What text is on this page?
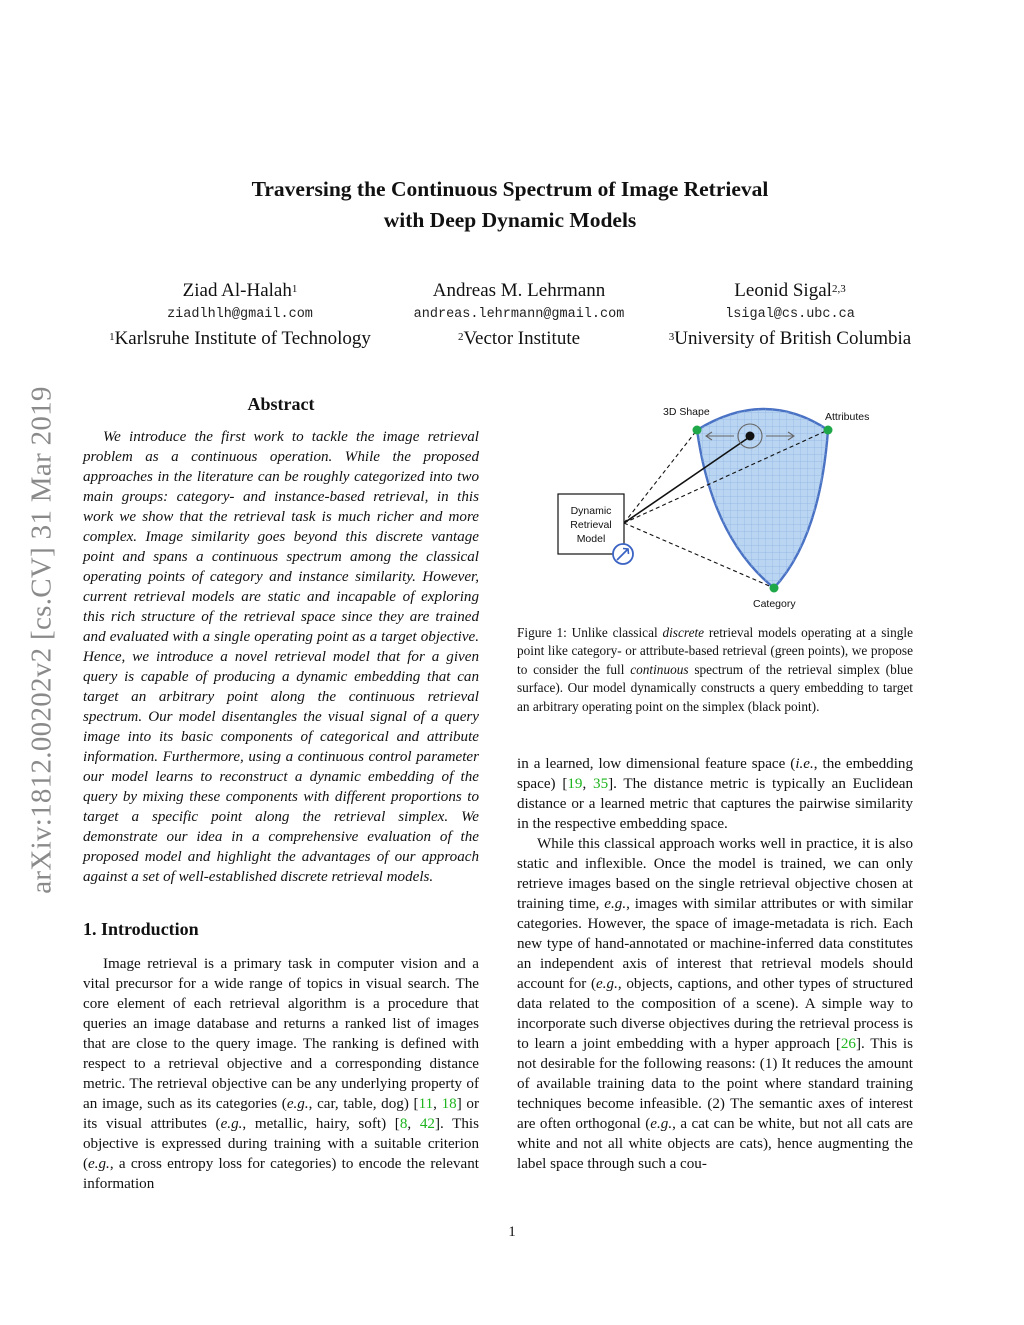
arXiv:1812.00202v2 [cs.CV] 31 Mar 2019
Traversing the Continuous Spectrum of Image Retrieval
with Deep Dynamic Models
Ziad Al-Halah$^1$
ziadlhlh@gmail.com
$^1$Karlsruhe Institute of Technology
Andreas M. Lehrmann
andreas.lehrmann@gmail.com
$^2$Vector Institute
Leonid Sigal$^{2,3}$
lsigal@cs.ubc.ca
$^3$University of British Columbia
Abstract
We introduce the first work to tackle the image retrieval problem as a continuous operation. While the proposed approaches in the literature can be roughly categorized into two main groups: category- and instance-based retrieval, in this work we show that the retrieval task is much richer and more complex. Image similarity goes beyond this discrete vantage point and spans a continuous spectrum among the classical operating points of category and instance similarity. However, current retrieval models are static and incapable of exploring this rich structure of the retrieval space since they are trained and evaluated with a single operating point as a target objective. Hence, we introduce a novel retrieval model that for a given query is capable of producing a dynamic embedding that can target an arbitrary point along the continuous retrieval spectrum. Our model disentangles the visual signal of a query image into its basic components of categorical and attribute information. Furthermore, using a continuous control parameter our model learns to reconstruct a dynamic embedding of the query by mixing these components with different proportions to target a specific point along the retrieval simplex. We demonstrate our idea in a comprehensive evaluation of the proposed model and highlight the advantages of our approach against a set of well-established discrete retrieval models.
1. Introduction
Image retrieval is a primary task in computer vision and a vital precursor for a wide range of topics in visual search. The core element of each retrieval algorithm is a procedure that queries an image database and returns a ranked list of images that are close to the query image. The ranking is defined with respect to a retrieval objective and a corresponding distance metric. The retrieval objective can be any underlying property of an image, such as its categories (e.g., car, table, dog) [11, 18] or its visual attributes (e.g., metallic, hairy, soft) [8, 42]. This objective is expressed during training with a suitable criterion (e.g., a cross entropy loss for categories) to encode the relevant information
Dynamic
Retrieval
Model
3D Shape	Attributes
Category
Figure 1: Unlike classical discrete retrieval models operating at a single point like category- or attribute-based retrieval (green points), we propose to consider the full continuous spectrum of the retrieval simplex (blue surface). Our model dynamically constructs a query embedding to target an arbitrary operating point on the simplex (black point).
in a learned, low dimensional feature space (i.e., the embedding space) [19, 35]. The distance metric is typically an Euclidean distance or a learned metric that captures the pairwise similarity in the respective embedding space.
While this classical approach works well in practice, it is also static and inflexible. Once the model is trained, we can only retrieve images based on the single retrieval objective chosen at training time, e.g., images with similar attributes or with similar categories. However, the space of image-metadata is rich. Each new type of hand-annotated or machine-inferred data constitutes an independent axis of interest that retrieval models should account for (e.g., objects, captions, and other types of structured data related to the composition of a scene). A simple way to incorporate such diverse objectives during the retrieval process is to learn a joint embedding with a hyper approach [26]. This is not desirable for the following reasons: (1) It reduces the amount of available training data to the point where standard training techniques become infeasible. (2) The semantic axes of interest are often orthogonal (e.g., a cat can be white, but not all cats are white and not all white objects are cats), hence augmenting the label space through such a cou-
1
